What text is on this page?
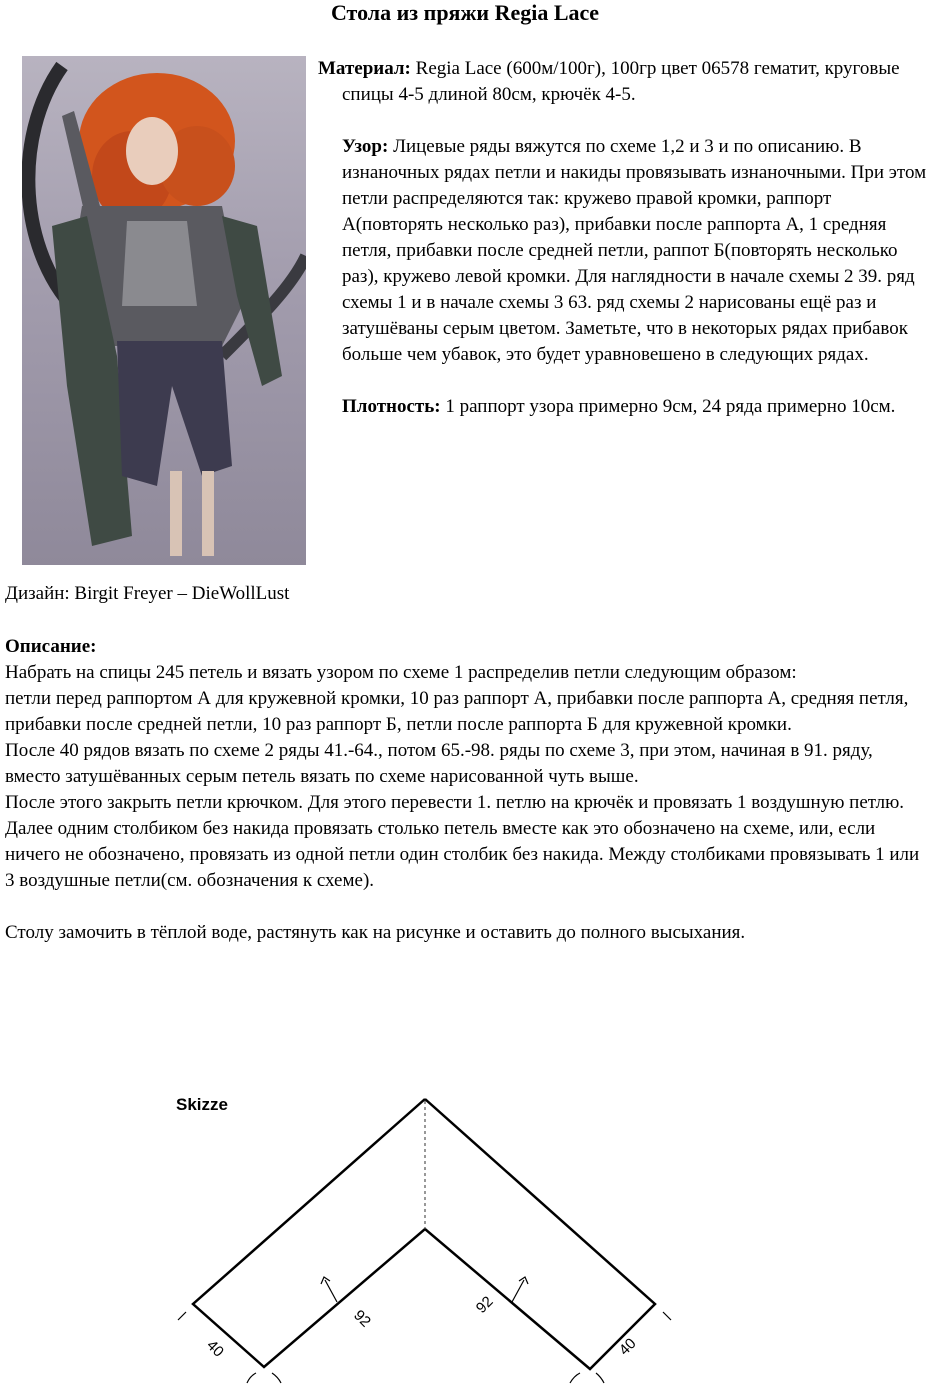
Стола из пряжи Regia Lace

Материал: Regia Lace (600м/100г), 100гр цвет 06578 гематит, круговые спицы 4-5 длиной 80см, крючёк 4-5.

Узор: Лицевые ряды вяжутся по схеме 1,2 и 3 и по описанию. В изнаночных рядах петли и накиды провязывать изнаночными. При этом петли распределяются так: кружево правой кромки, раппорт А(повторять несколько раз), прибавки после раппорта А, 1 средняя петля, прибавки после средней петли, раппот Б(повторять несколько раз), кружево левой кромки. Для наглядности в начале схемы 2 39. ряд схемы 1 и в начале схемы 3 63. ряд схемы 2 нарисованы ещё раз и затушёваны серым цветом. Заметьте, что в некоторых рядах прибавок больше чем убавок, это будет уравновешено в следующих рядах.

Плотность: 1 раппорт узора примерно 9см, 24 ряда примерно 10см.

Дизайн: Birgit Freyer – DieWollLust

Описание:

Набрать на спицы 245 петель и вязать узором по схеме 1 распределив петли следующим образом:

петли перед раппортом А для кружевной кромки, 10 раз раппорт А, прибавки после раппорта А, средняя петля, прибавки после средней петли, 10 раз раппорт Б, петли после раппорта Б для кружевной кромки.

После 40 рядов вязать по схеме 2 ряды 41.-64., потом 65.-98. ряды по схеме 3, при этом, начиная в 91. ряду, вместо затушёванных серым петель вязать по схеме нарисованной чуть выше.

После этого закрыть петли крючком. Для этого перевести 1. петлю на крючёк и провязать 1 воздушную петлю. Далее одним столбиком без накида провязать столько петель вместе как это обозначено на схеме, или, если ничего не обозначено, провязать из одной петли один столбик без накида. Между столбиками провязывать 1 или 3 воздушные петли(см. обозначения к схеме).

Столу замочить в тёплой воде, растянуть как на рисунке и оставить до полного высыхания.

Skizze
92
92
40	40
